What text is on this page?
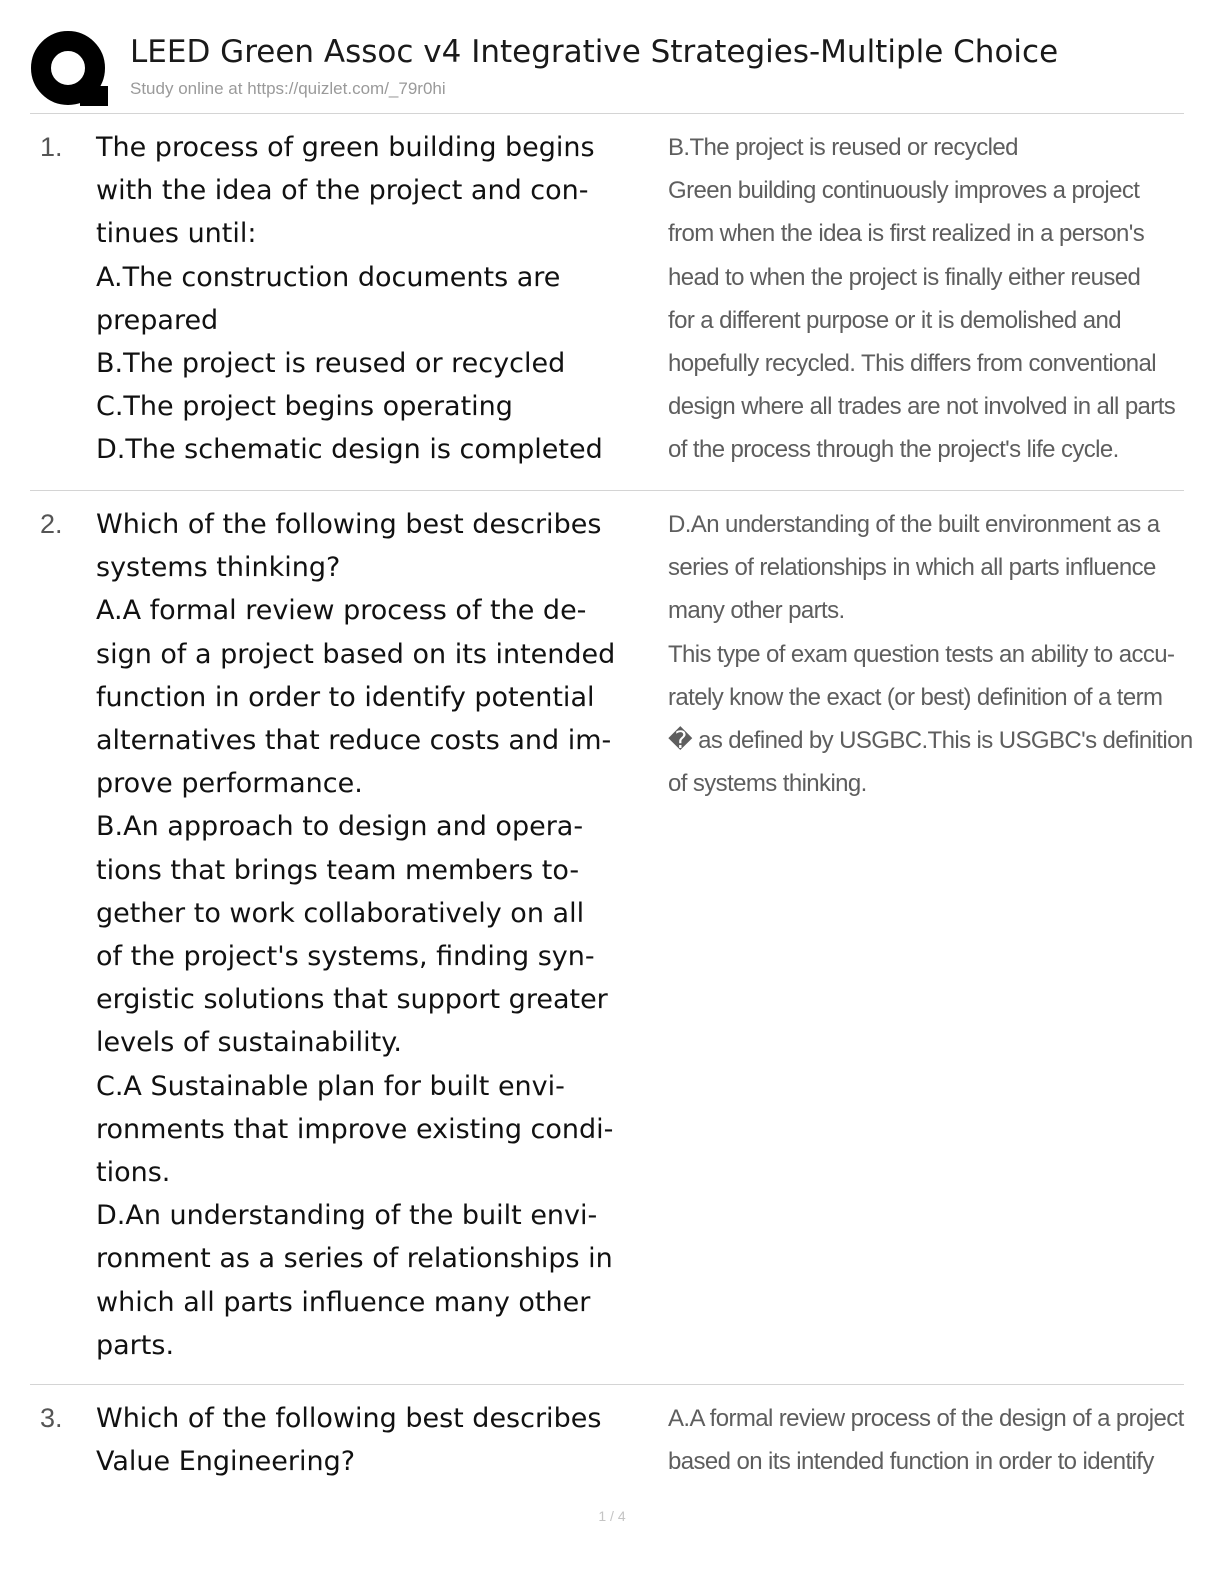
LEED Green Assoc v4 Integrative Strategies-Multiple Choice
Study online at https://quizlet.com/_79r0hi
1. The process of green building begins
with the idea of the project and con-
tinues until:
A.The construction documents are
prepared
B.The project is reused or recycled
C.The project begins operating
D.The schematic design is completed
B.The project is reused or recycled
Green building continuously improves a project
from when the idea is first realized in a person's
head to when the project is finally either reused
for a different purpose or it is demolished and
hopefully recycled. This differs from conventional
design where all trades are not involved in all parts
of the process through the project's life cycle.
2. Which of the following best describes
systems thinking?
A.A formal review process of the de-
sign of a project based on its intended
function in order to identify potential
alternatives that reduce costs and im-
prove performance.
B.An approach to design and opera-
tions that brings team members to-
gether to work collaboratively on all
of the project's systems, finding syn-
ergistic solutions that support greater
levels of sustainability.
C.A Sustainable plan for built envi-
ronments that improve existing condi-
tions.
D.An understanding of the built envi-
ronment as a series of relationships in
which all parts influence many other
parts.
D.An understanding of the built environment as a
series of relationships in which all parts influence
many other parts.
This type of exam question tests an ability to accu-
rately know the exact (or best) definition of a term
� as defined by USGBC.This is USGBC's definition
of systems thinking.
3. Which of the following best describes
Value Engineering?
A.A formal review process of the design of a project
based on its intended function in order to identify
1 / 4
